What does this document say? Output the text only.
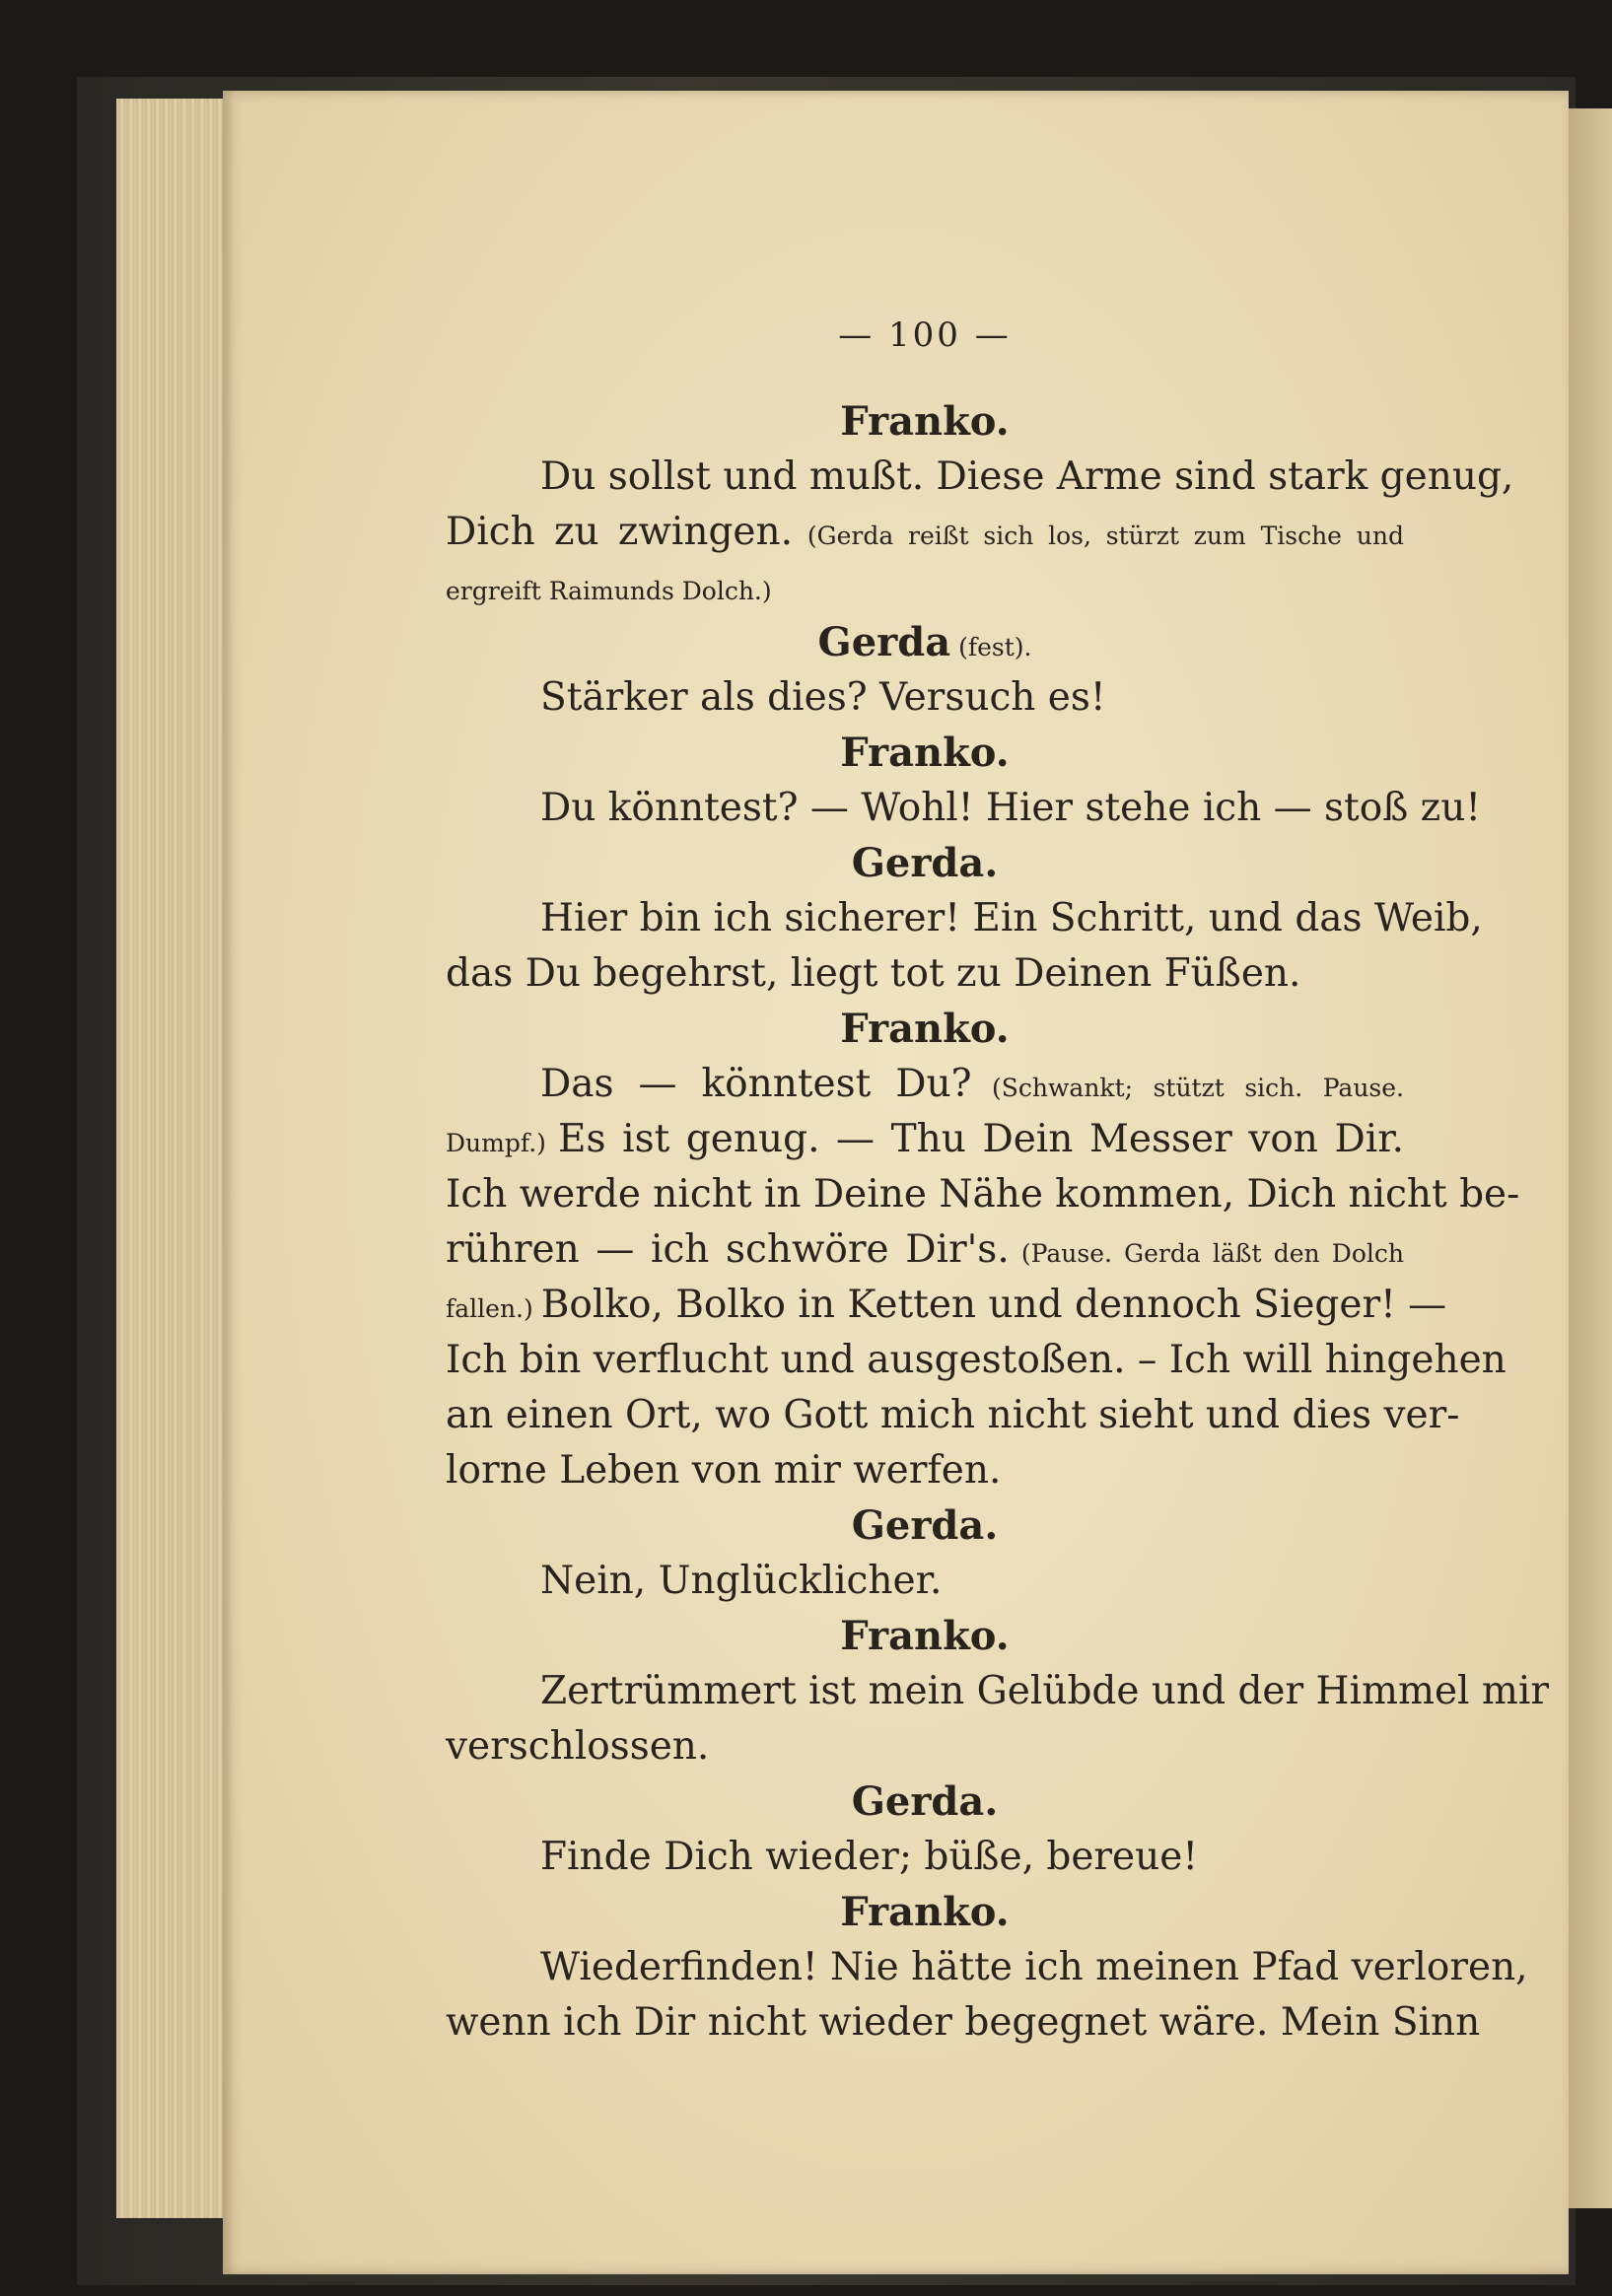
— 100 —
Franko.
Du sollst und mußt. Diese Arme sind stark genug,
Dich zu zwingen. (Gerda reißt sich los, stürzt zum Tische und
ergreift Raimunds Dolch.)
Gerda (fest).
Stärker als dies? Versuch es!
Franko.
Du könntest? — Wohl! Hier stehe ich — stoß zu!
Gerda.
Hier bin ich sicherer! Ein Schritt, und das Weib,
das Du begehrst, liegt tot zu Deinen Füßen.
Franko.
Das — könntest Du? (Schwankt; stützt sich. Pause.
Dumpf.) Es ist genug. — Thu Dein Messer von Dir.
Ich werde nicht in Deine Nähe kommen, Dich nicht be-
rühren — ich schwöre Dir's. (Pause. Gerda läßt den Dolch
fallen.) Bolko, Bolko in Ketten und dennoch Sieger! —
Ich bin verflucht und ausgestoßen. – Ich will hingehen
an einen Ort, wo Gott mich nicht sieht und dies ver-
lorne Leben von mir werfen.
Gerda.
Nein, Unglücklicher.
Franko.
Zertrümmert ist mein Gelübde und der Himmel mir
verschlossen.
Gerda.
Finde Dich wieder; büße, bereue!
Franko.
Wiederfinden! Nie hätte ich meinen Pfad verloren,
wenn ich Dir nicht wieder begegnet wäre. Mein Sinn
